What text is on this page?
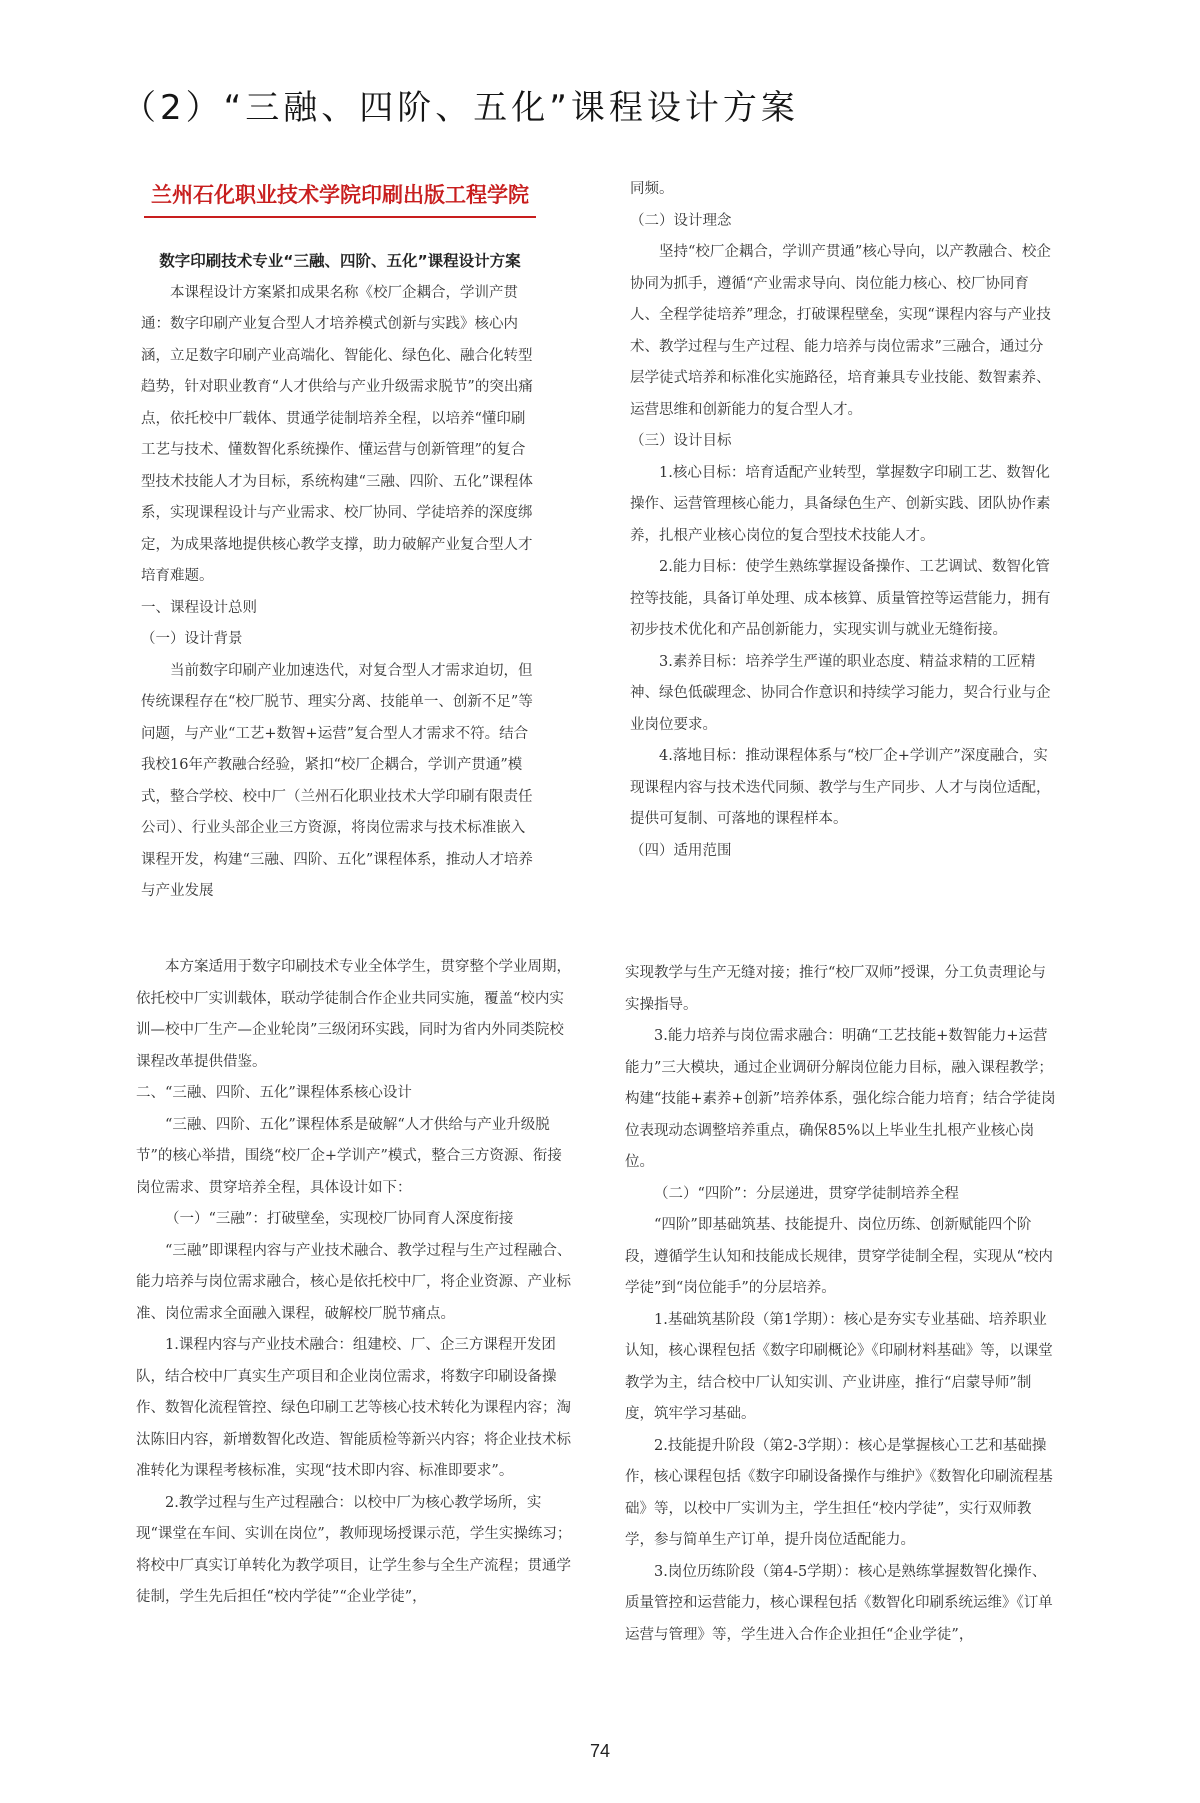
（2）“三融、四阶、五化”课程设计方案
兰州石化职业技术学院印刷出版工程学院

数字印刷技术专业“三融、四阶、五化”课程设计方案

本课程设计方案紧扣成果名称《校厂企耦合，学训产贯通：数字印刷产业复合型人才培养模式创新与实践》核心内涵，立足数字印刷产业高端化、智能化、绿色化、融合化转型趋势，针对职业教育“人才供给与产业升级需求脱节”的突出痛点，依托校中厂载体、贯通学徒制培养全程，以培养“懂印刷工艺与技术、懂数智化系统操作、懂运营与创新管理”的复合型技术技能人才为目标，系统构建“三融、四阶、五化”课程体系，实现课程设计与产业需求、校厂协同、学徒培养的深度绑定，为成果落地提供核心教学支撑，助力破解产业复合型人才培育难题。

一、课程设计总则

（一）设计背景

当前数字印刷产业加速迭代，对复合型人才需求迫切，但传统课程存在“校厂脱节、理实分离、技能单一、创新不足”等问题，与产业“工艺+数智+运营”复合型人才需求不符。结合我校16年产教融合经验，紧扣“校厂企耦合，学训产贯通”模式，整合学校、校中厂（兰州石化职业技术大学印刷有限责任公司）、行业头部企业三方资源，将岗位需求与技术标准嵌入课程开发，构建“三融、四阶、五化”课程体系，推动人才培养与产业发展

同频。

（二）设计理念

坚持“校厂企耦合，学训产贯通”核心导向，以产教融合、校企协同为抓手，遵循“产业需求导向、岗位能力核心、校厂协同育人、全程学徒培养”理念，打破课程壁垒，实现“课程内容与产业技术、教学过程与生产过程、能力培养与岗位需求”三融合，通过分层学徒式培养和标准化实施路径，培育兼具专业技能、数智素养、运营思维和创新能力的复合型人才。

（三）设计目标

1.核心目标：培育适配产业转型，掌握数字印刷工艺、数智化操作、运营管理核心能力，具备绿色生产、创新实践、团队协作素养，扎根产业核心岗位的复合型技术技能人才。

2.能力目标：使学生熟练掌握设备操作、工艺调试、数智化管控等技能，具备订单处理、成本核算、质量管控等运营能力，拥有初步技术优化和产品创新能力，实现实训与就业无缝衔接。

3.素养目标：培养学生严谨的职业态度、精益求精的工匠精神、绿色低碳理念、协同合作意识和持续学习能力，契合行业与企业岗位要求。

4.落地目标：推动课程体系与“校厂企+学训产”深度融合，实现课程内容与技术迭代同频、教学与生产同步、人才与岗位适配，提供可复制、可落地的课程样本。

（四）适用范围

本方案适用于数字印刷技术专业全体学生，贯穿整个学业周期，依托校中厂实训载体，联动学徒制合作企业共同实施，覆盖“校内实训—校中厂生产—企业轮岗”三级闭环实践，同时为省内外同类院校课程改革提供借鉴。

二、“三融、四阶、五化”课程体系核心设计

“三融、四阶、五化”课程体系是破解“人才供给与产业升级脱节”的核心举措，围绕“校厂企+学训产”模式，整合三方资源、衔接岗位需求、贯穿培养全程，具体设计如下：

（一）“三融”：打破壁垒，实现校厂协同育人深度衔接

“三融”即课程内容与产业技术融合、教学过程与生产过程融合、能力培养与岗位需求融合，核心是依托校中厂，将企业资源、产业标准、岗位需求全面融入课程，破解校厂脱节痛点。

1.课程内容与产业技术融合：组建校、厂、企三方课程开发团队，结合校中厂真实生产项目和企业岗位需求，将数字印刷设备操作、数智化流程管控、绿色印刷工艺等核心技术转化为课程内容；淘汰陈旧内容，新增数智化改造、智能质检等新兴内容；将企业技术标准转化为课程考核标准，实现“技术即内容、标准即要求”。

2.教学过程与生产过程融合：以校中厂为核心教学场所，实现“课堂在车间、实训在岗位”，教师现场授课示范，学生实操练习；将校中厂真实订单转化为教学项目，让学生参与全生产流程；贯通学徒制，学生先后担任“校内学徒”“企业学徒”，

实现教学与生产无缝对接；推行“校厂双师”授课，分工负责理论与实操指导。

3.能力培养与岗位需求融合：明确“工艺技能+数智能力+运营能力”三大模块，通过企业调研分解岗位能力目标，融入课程教学；构建“技能+素养+创新”培养体系，强化综合能力培育；结合学徒岗位表现动态调整培养重点，确保85%以上毕业生扎根产业核心岗位。

（二）“四阶”：分层递进，贯穿学徒制培养全程

“四阶”即基础筑基、技能提升、岗位历练、创新赋能四个阶段，遵循学生认知和技能成长规律，贯穿学徒制全程，实现从“校内学徒”到“岗位能手”的分层培养。

1.基础筑基阶段（第1学期）：核心是夯实专业基础、培养职业认知，核心课程包括《数字印刷概论》《印刷材料基础》等，以课堂教学为主，结合校中厂认知实训、产业讲座，推行“启蒙导师”制度，筑牢学习基础。

2.技能提升阶段（第2-3学期）：核心是掌握核心工艺和基础操作，核心课程包括《数字印刷设备操作与维护》《数智化印刷流程基础》等，以校中厂实训为主，学生担任“校内学徒”，实行双师教学，参与简单生产订单，提升岗位适配能力。

3.岗位历练阶段（第4-5学期）：核心是熟练掌握数智化操作、质量管控和运营能力，核心课程包括《数智化印刷系统运维》《订单运营与管理》等，学生进入合作企业担任“企业学徒”，

74
